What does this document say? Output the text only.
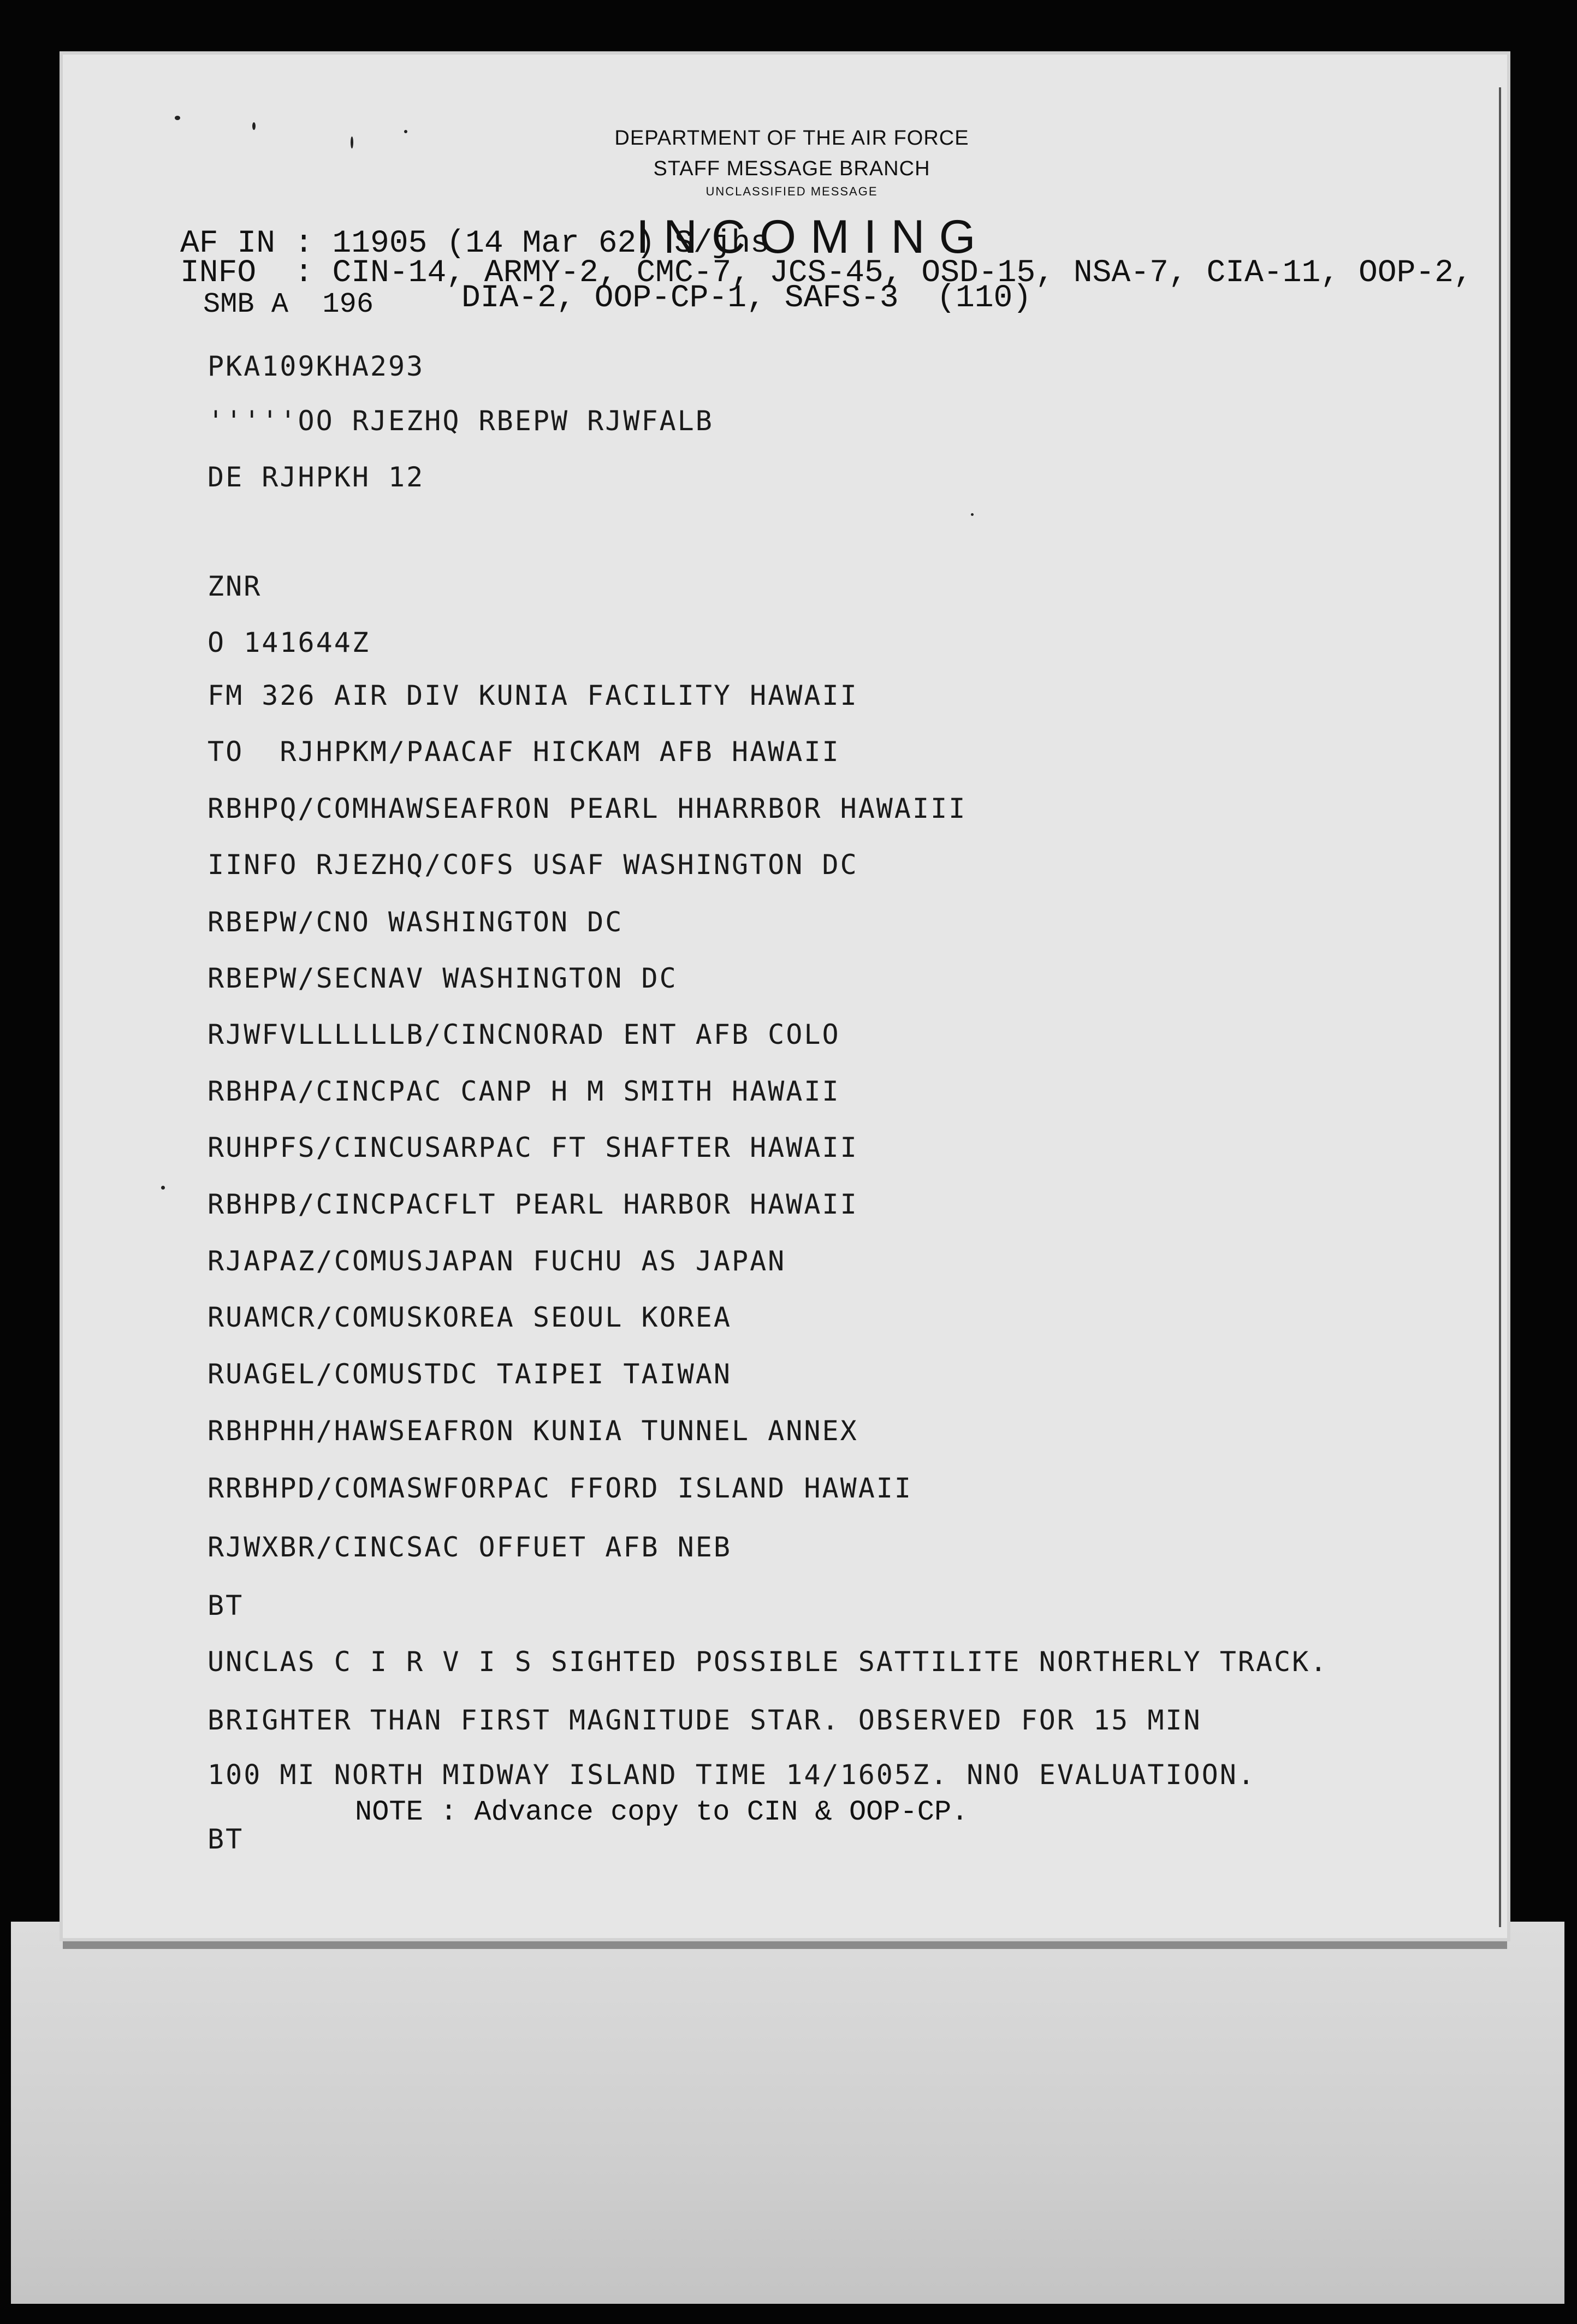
DEPARTMENT OF THE AIR FORCE
STAFF MESSAGE BRANCH
UNCLASSIFIED MESSAGE
INCOMING
AF IN : 11905 (14 Mar 62) S/jhs
INFO  : CIN-14, ARMY-2, CMC-7, JCS-45, OSD-15, NSA-7, CIA-11, OOP-2,
SMB A  196	DIA-2, OOP-CP-1, SAFS-3  (110)
PKA109KHA293
'''''OO RJEZHQ RBEPW RJWFALB
DE RJHPKH 12
ZNR
O 141644Z
FM 326 AIR DIV KUNIA FACILITY HAWAII
TO  RJHPKM/PAACAF HICKAM AFB HAWAII
RBHPQ/COMHAWSEAFRON PEARL HHARRBOR HAWAIII
IINFO RJEZHQ/COFS USAF WASHINGTON DC
RBEPW/CNO WASHINGTON DC
RBEPW/SECNAV WASHINGTON DC
RJWFVLLLLLLB/CINCNORAD ENT AFB COLO
RBHPA/CINCPAC CANP H M SMITH HAWAII
RUHPFS/CINCUSARPAC FT SHAFTER HAWAII
RBHPB/CINCPACFLT PEARL HARBOR HAWAII
RJAPAZ/COMUSJAPAN FUCHU AS JAPAN
RUAMCR/COMUSKOREA SEOUL KOREA
RUAGEL/COMUSTDC TAIPEI TAIWAN
RBHPHH/HAWSEAFRON KUNIA TUNNEL ANNEX
RRBHPD/COMASWFORPAC FFORD ISLAND HAWAII
RJWXBR/CINCSAC OFFUET AFB NEB
BT
UNCLAS C I R V I S SIGHTED POSSIBLE SATTILITE NORTHERLY TRACK.
BRIGHTER THAN FIRST MAGNITUDE STAR. OBSERVED FOR 15 MIN
100 MI NORTH MIDWAY ISLAND TIME 14/1605Z. NNO EVALUATIOON.
BT
NOTE : Advance copy to CIN & OOP-CP.
